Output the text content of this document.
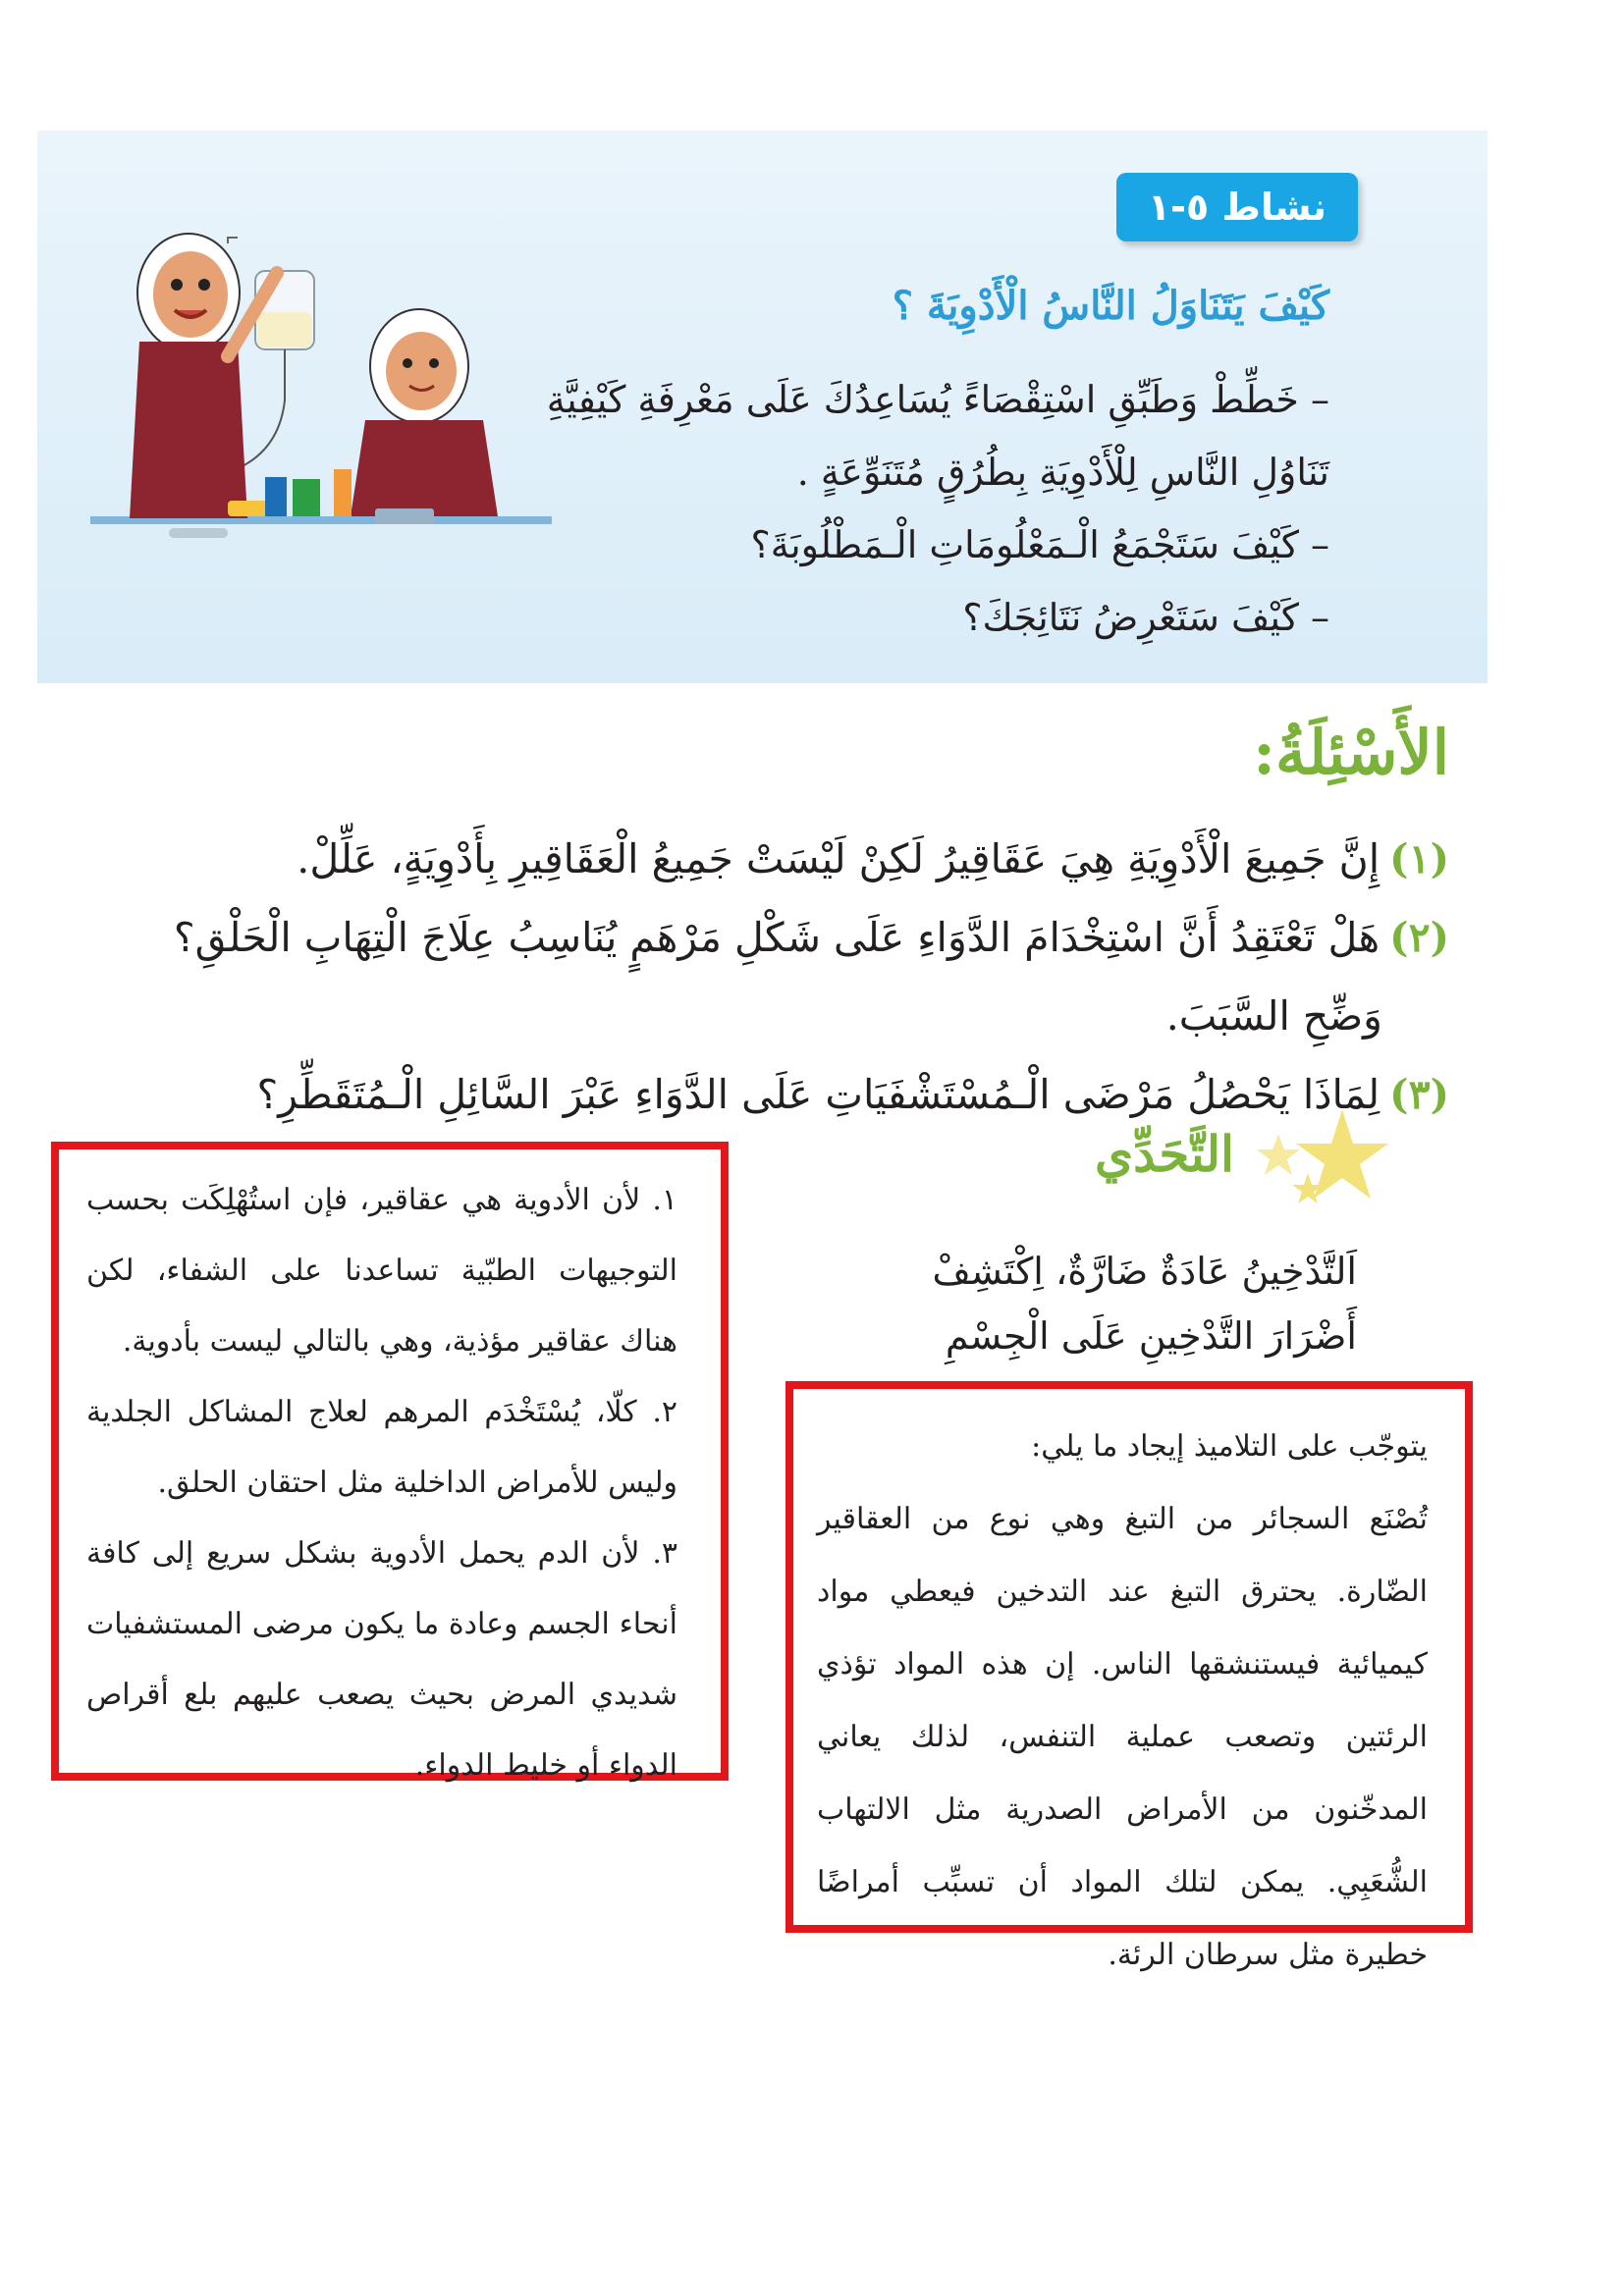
نشاط ٥-١
كَيْفَ يَتَنَاوَلُ النَّاسُ الْأَدْوِيَةَ ؟
– خَطِّطْ وَطَبِّقِ اسْتِقْصَاءً يُسَاعِدُكَ عَلَى مَعْرِفَةِ كَيْفِيَّةِ
تَنَاوُلِ النَّاسِ لِلْأَدْوِيَةِ بِطُرُقٍ مُتَنَوِّعَةٍ .
– كَيْفَ سَتَجْمَعُ الْـمَعْلُومَاتِ الْـمَطْلُوبَةَ؟
– كَيْفَ سَتَعْرِضُ نَتَائِجَكَ؟
الأَسْئِلَةُ:
(١)إِنَّ جَمِيعَ الْأَدْوِيَةِ هِيَ عَقَاقِيرُ لَكِنْ لَيْسَتْ جَمِيعُ الْعَقَاقِيرِ بِأَدْوِيَةٍ، عَلِّلْ.
(٢)هَلْ تَعْتَقِدُ أَنَّ اسْتِخْدَامَ الدَّوَاءِ عَلَى شَكْلِ مَرْهَمٍ يُنَاسِبُ عِلَاجَ الْتِهَابِ الْحَلْقِ؟
وَضِّحِ السَّبَبَ.
(٣)لِمَاذَا يَحْصُلُ مَرْضَى الْـمُسْتَشْفَيَاتِ عَلَى الدَّوَاءِ عَبْرَ السَّائِلِ الْـمُتَقَطِّرِ؟

١. لأن الأدوية هي عقاقير، فإن استُهْلِكَت بحسب التوجيهات الطبّية تساعدنا على الشفاء، لكن هناك عقاقير مؤذية، وهي بالتالي ليست بأدوية.

٢. كلّا، يُسْتَخْدَم المرهم لعلاج المشاكل الجلدية وليس للأمراض الداخلية مثل احتقان الحلق.

٣. لأن الدم يحمل الأدوية بشكل سريع إلى كافة أنحاء الجسم وعادة ما يكون مرضى المستشفيات شديدي المرض بحيث يصعب عليهم بلع أقراص الدواء أو خليط الدواء.

التَّحَدِّي
اَلتَّدْخِينُ عَادَةٌ ضَارَّةٌ، اِكْتَشِفْ
أَضْرَارَ التَّدْخِينِ عَلَى الْجِسْمِ

يتوجّب على التلاميذ إيجاد ما يلي:

تُصْنَع السجائر من التبغ وهي نوع من العقاقير الضّارة. يحترق التبغ عند التدخين فيعطي مواد كيميائية فيستنشقها الناس. إن هذه المواد تؤذي الرئتين وتصعب عملية التنفس، لذلك يعاني المدخّنون من الأمراض الصدرية مثل الالتهاب الشُّعَبِي. يمكن لتلك المواد أن تسبِّب أمراضًا خطيرة مثل سرطان الرئة.
